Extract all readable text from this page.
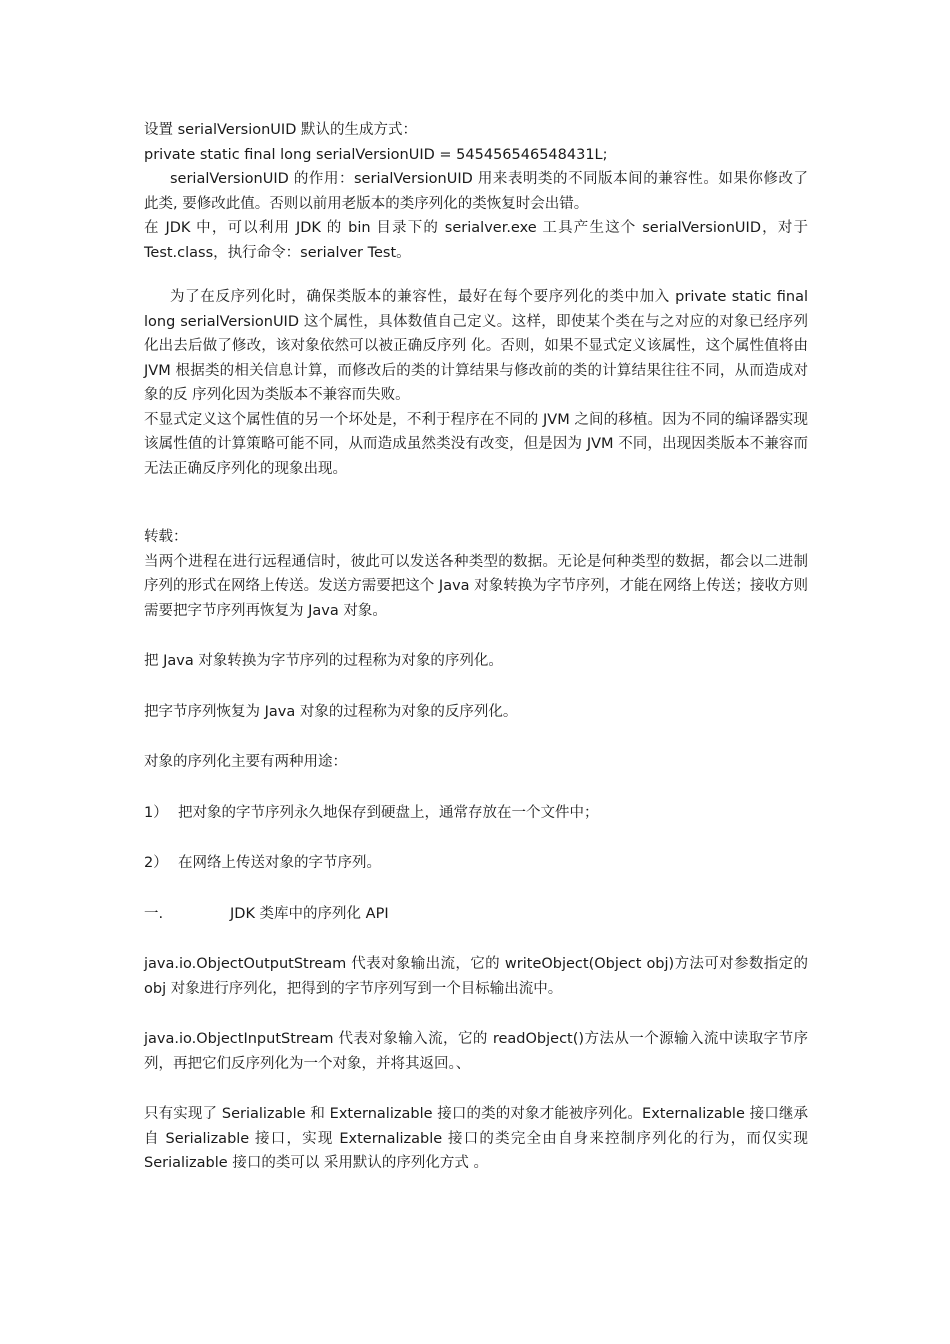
设置 serialVersionUID 默认的生成方式：

private static final long serialVersionUID = 545456546548431L;

serialVersionUID 的作用：serialVersionUID 用来表明类的不同版本间的兼容性。如果你修改了此类, 要修改此值。否则以前用老版本的类序列化的类恢复时会出错。

在 JDK 中，可以利用 JDK 的 bin 目录下的 serialver.exe 工具产生这个 serialVersionUID，对于 Test.class，执行命令：serialver Test。

为了在反序列化时，确保类版本的兼容性，最好在每个要序列化的类中加入 private static final long serialVersionUID 这个属性，具体数值自己定义。这样，即使某个类在与之对应的对象已经序列化出去后做了修改，该对象依然可以被正确反序列 化。否则，如果不显式定义该属性，这个属性值将由 JVM 根据类的相关信息计算，而修改后的类的计算结果与修改前的类的计算结果往往不同，从而造成对象的反 序列化因为类版本不兼容而失败。

不显式定义这个属性值的另一个坏处是，不利于程序在不同的 JVM 之间的移植。因为不同的编译器实现该属性值的计算策略可能不同，从而造成虽然类没有改变，但是因为 JVM 不同，出现因类版本不兼容而无法正确反序列化的现象出现。

转载：

当两个进程在进行远程通信时，彼此可以发送各种类型的数据。无论是何种类型的数据，都会以二进制序列的形式在网络上传送。发送方需要把这个 Java 对象转换为字节序列，才能在网络上传送；接收方则需要把字节序列再恢复为 Java 对象。

把 Java 对象转换为字节序列的过程称为对象的序列化。

把字节序列恢复为 Java 对象的过程称为对象的反序列化。

对象的序列化主要有两种用途：

1） 把对象的字节序列永久地保存到硬盘上，通常存放在一个文件中；

2） 在网络上传送对象的字节序列。

一.	JDK 类库中的序列化 API

java.io.ObjectOutputStream 代表对象输出流，它的 writeObject(Object obj)方法可对参数指定的 obj 对象进行序列化，把得到的字节序列写到一个目标输出流中。

java.io.ObjectInputStream 代表对象输入流，它的 readObject()方法从一个源输入流中读取字节序列，再把它们反序列化为一个对象，并将其返回。、

只有实现了 Serializable 和 Externalizable 接口的类的对象才能被序列化。Externalizable 接口继承自 Serializable 接口，实现 Externalizable 接口的类完全由自身来控制序列化的行为，而仅实现 Serializable 接口的类可以 采用默认的序列化方式 。
